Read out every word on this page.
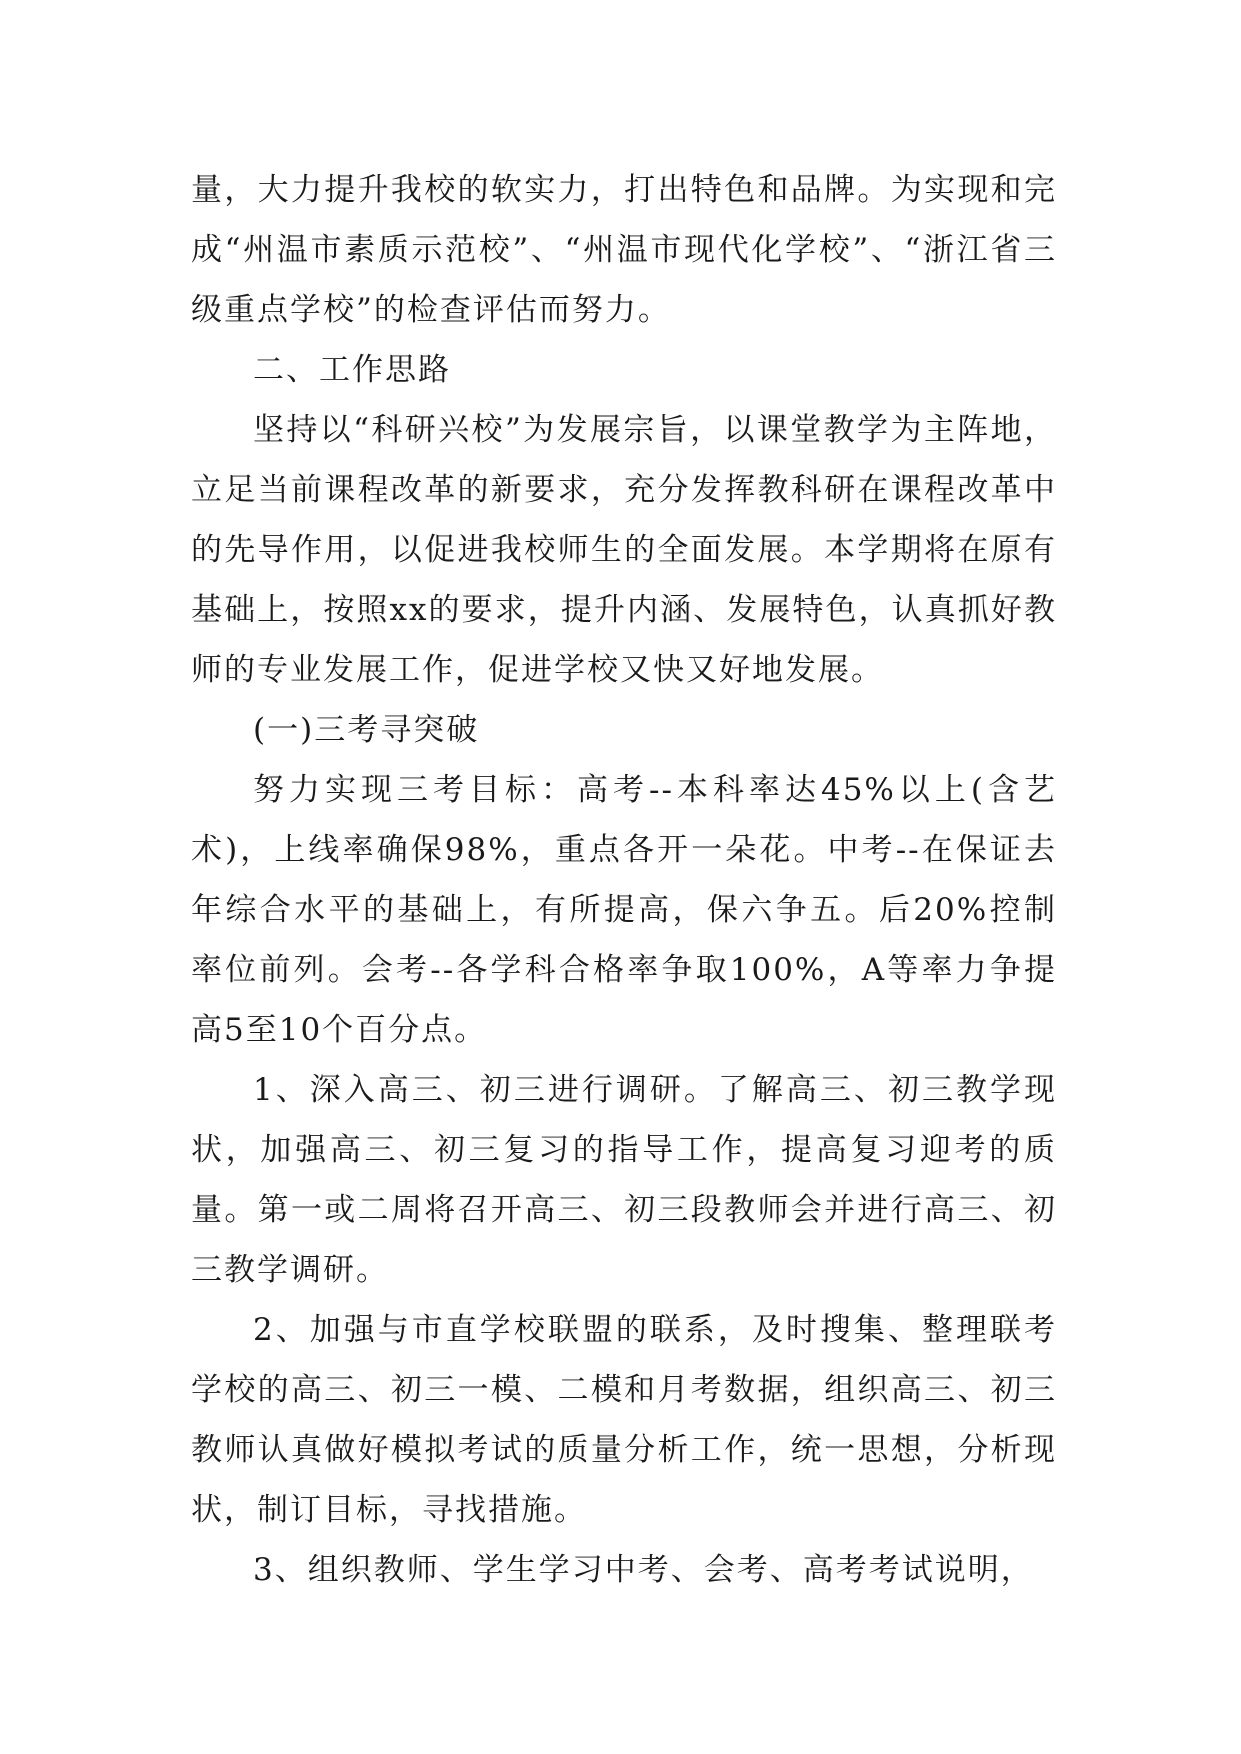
量，大力提升我校的软实力，打出特色和品牌。为实现和完成“州温市素质示范校”、“州温市现代化学校”、“浙江省三级重点学校”的检查评估而努力。

二、工作思路

坚持以“科研兴校”为发展宗旨，以课堂教学为主阵地，立足当前课程改革的新要求，充分发挥教科研在课程改革中的先导作用，以促进我校师生的全面发展。本学期将在原有基础上，按照xx的要求，提升内涵、发展特色，认真抓好教师的专业发展工作，促进学校又快又好地发展。

(一)三考寻突破

努力实现三考目标：高考--本科率达45%以上(含艺术)，上线率确保98%，重点各开一朵花。中考--在保证去年综合水平的基础上，有所提高，保六争五。后20%控制率位前列。会考--各学科合格率争取100%，A等率力争提高5至10个百分点。

1、深入高三、初三进行调研。了解高三、初三教学现状，加强高三、初三复习的指导工作，提高复习迎考的质量。第一或二周将召开高三、初三段教师会并进行高三、初三教学调研。

2、加强与市直学校联盟的联系，及时搜集、整理联考学校的高三、初三一模、二模和月考数据，组织高三、初三教师认真做好模拟考试的质量分析工作，统一思想，分析现状，制订目标，寻找措施。

3、组织教师、学生学习中考、会考、高考考试说明，
